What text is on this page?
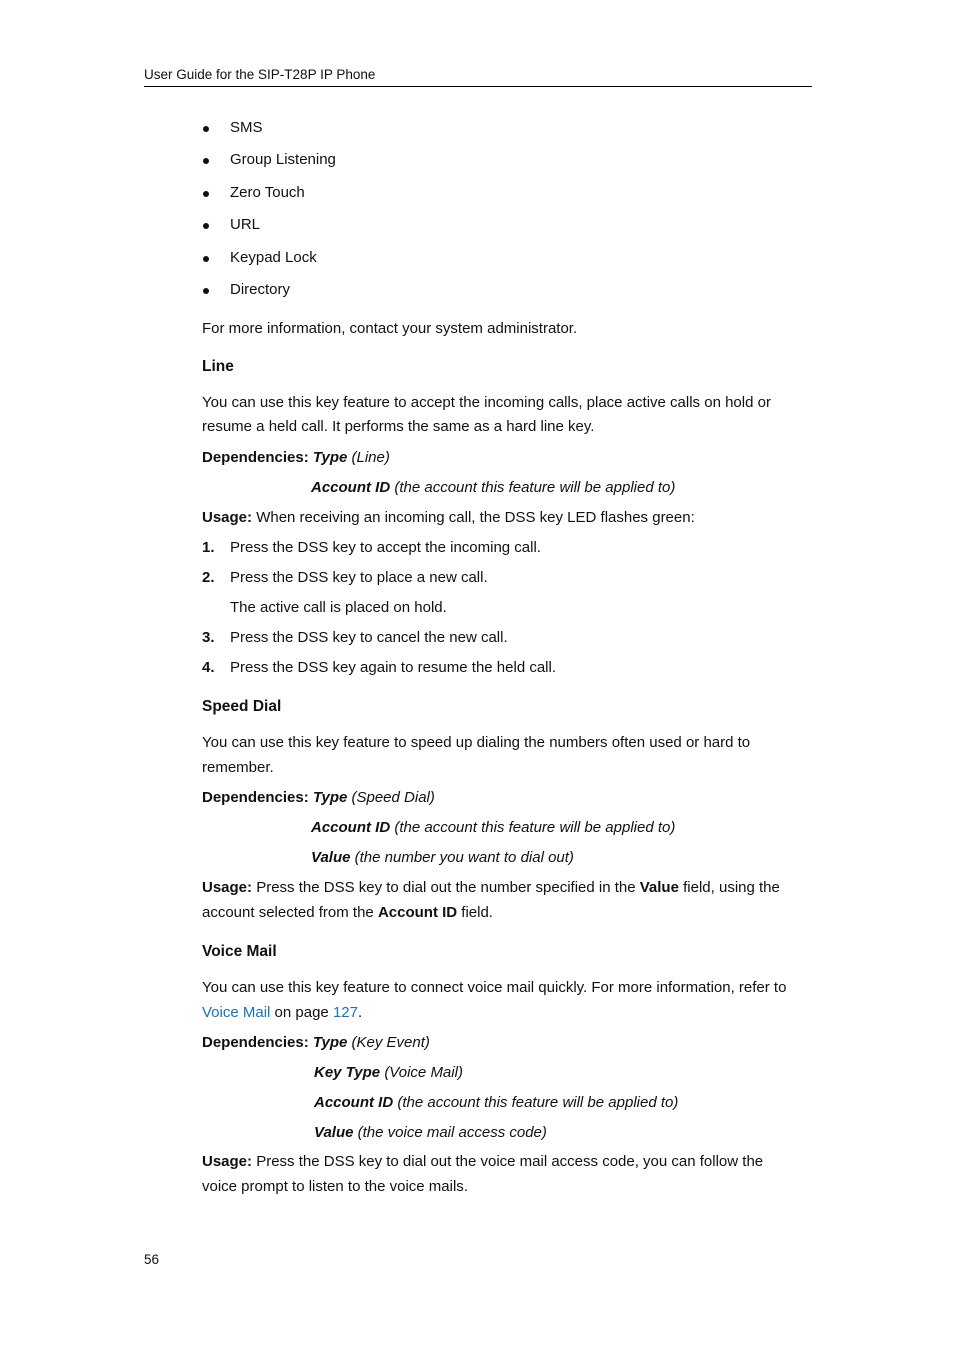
User Guide for the SIP-T28P IP Phone
SMS
Group Listening
Zero Touch
URL
Keypad Lock
Directory
For more information, contact your system administrator.
Line
You can use this key feature to accept the incoming calls, place active calls on hold or
resume a held call. It performs the same as a hard line key.
Dependencies: Type (Line)
Account ID (the account this feature will be applied to)
Usage: When receiving an incoming call, the DSS key LED flashes green:
1. Press the DSS key to accept the incoming call.
2. Press the DSS key to place a new call.
The active call is placed on hold.
3. Press the DSS key to cancel the new call.
4. Press the DSS key again to resume the held call.
Speed Dial
You can use this key feature to speed up dialing the numbers often used or hard to
remember.
Dependencies: Type (Speed Dial)
Account ID (the account this feature will be applied to)
Value (the number you want to dial out)
Usage: Press the DSS key to dial out the number specified in the Value field, using the
account selected from the Account ID field.
Voice Mail
You can use this key feature to connect voice mail quickly. For more information, refer to
Voice Mail on page 127.
Dependencies: Type (Key Event)
Key Type (Voice Mail)
Account ID (the account this feature will be applied to)
Value (the voice mail access code)
Usage: Press the DSS key to dial out the voice mail access code, you can follow the
voice prompt to listen to the voice mails.
56
